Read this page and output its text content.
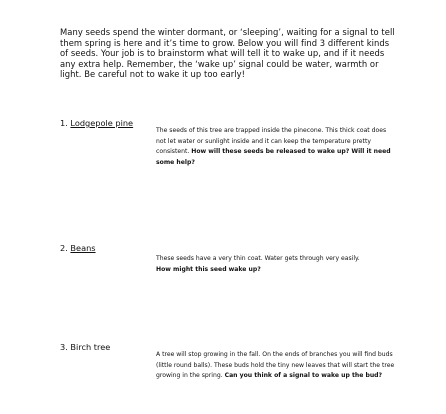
Many seeds spend the winter dormant, or ‘sleeping’, waiting for a signal to tell them spring is here and it’s time to grow. Below you will find 3 different kinds of seeds. Your job is to brainstorm what will tell it to wake up, and if it needs any extra help. Remember, the ‘wake up’ signal could be water, warmth or light. Be careful not to wake it up too early!
1. Lodgepole pine
The seeds of this tree are trapped inside the pinecone. This thick coat does not let water or sunlight inside and it can keep the temperature pretty consistent. How will these seeds be released to wake up? Will it need some help?
2. Beans
These seeds have a very thin coat. Water gets through very easily.
How might this seed wake up?
3. Birch tree
A tree will stop growing in the fall. On the ends of branches you will find buds (little round balls). These buds hold the tiny new leaves that will start the tree growing in the spring. Can you think of a signal to wake up the bud?
